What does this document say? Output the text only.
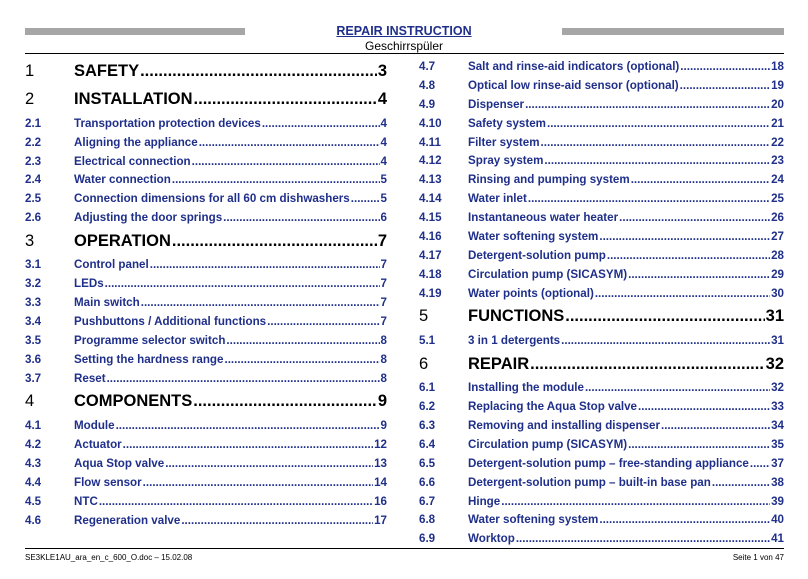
REPAIR INSTRUCTION
Geschirrspüler
1	SAFETY .....	3
2	INSTALLATION .....	4
2.1	Transportation protection devices .....	4
2.2	Aligning the appliance .....	4
2.3	Electrical connection .....	4
2.4	Water connection .....	5
2.5	Connection dimensions for all 60 cm dishwashers .....	5
2.6	Adjusting the door springs .....	6
3	OPERATION .....	7
3.1	Control panel .....	7
3.2	LEDs .....	7
3.3	Main switch .....	7
3.4	Pushbuttons / Additional functions .....	7
3.5	Programme selector switch .....	8
3.6	Setting the hardness range .....	8
3.7	Reset .....	8
4	COMPONENTS .....	9
4.1	Module .....	9
4.2	Actuator .....	12
4.3	Aqua Stop valve .....	13
4.4	Flow sensor .....	14
4.5	NTC .....	16
4.6	Regeneration valve .....	17
4.7	Salt and rinse-aid indicators (optional) .....	18
4.8	Optical low rinse-aid sensor (optional) .....	19
4.9	Dispenser .....	20
4.10	Safety system .....	21
4.11	Filter system .....	22
4.12	Spray system .....	23
4.13	Rinsing and pumping system .....	24
4.14	Water inlet .....	25
4.15	Instantaneous water heater .....	26
4.16	Water softening system .....	27
4.17	Detergent-solution pump .....	28
4.18	Circulation pump (SICASYM) .....	29
4.19	Water points (optional) .....	30
5	FUNCTIONS .....	31
5.1	3 in 1 detergents .....	31
6	REPAIR .....	32
6.1	Installing the module .....	32
6.2	Replacing the Aqua Stop valve .....	33
6.3	Removing and installing dispenser .....	34
6.4	Circulation pump (SICASYM) .....	35
6.5	Detergent-solution pump – free-standing appliance ..... 37
6.6	Detergent-solution pump – built-in base pan .....	38
6.7	Hinge .....	39
6.8	Water softening system .....	40
6.9	Worktop .....	41
SE3KLE1AU_ara_en_c_600_O.doc – 15.02.08	Seite 1 von 47
